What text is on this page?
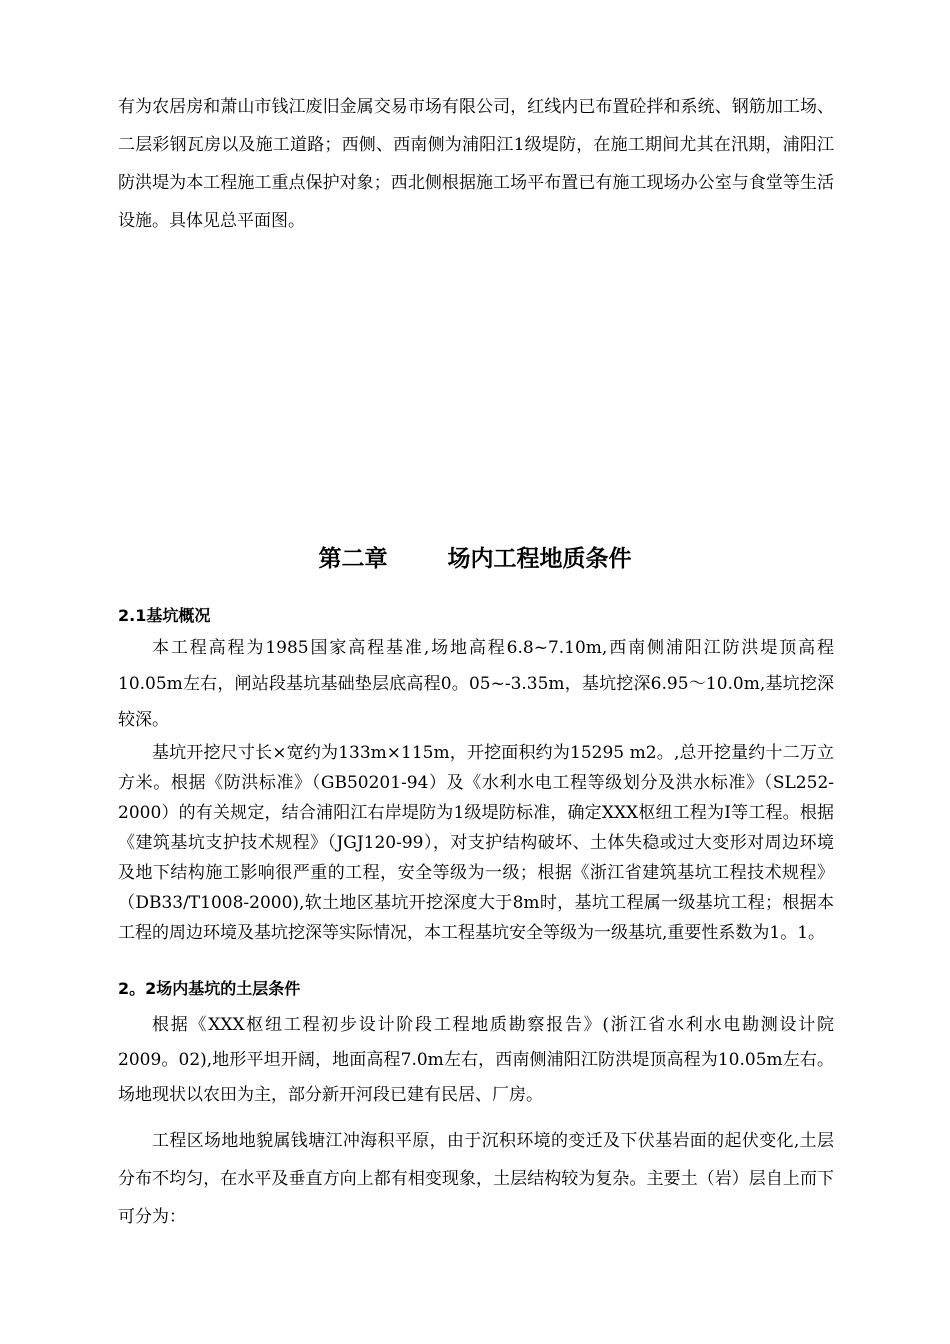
有为农居房和萧山市钱江废旧金属交易市场有限公司，红线内已布置砼拌和系统、钢筋加工场、二层彩钢瓦房以及施工道路；西侧、西南侧为浦阳江1级堤防，在施工期间尤其在汛期，浦阳江防洪堤为本工程施工重点保护对象；西北侧根据施工场平布置已有施工现场办公室与食堂等生活设施。具体见总平面图。

第二章	场内工程地质条件
2.1基坑概况

本工程高程为1985国家高程基准,场地高程6.8~7.10m,西南侧浦阳江防洪堤顶高程10.05m左右，闸站段基坑基础垫层底高程0。05~-3.35m，基坑挖深6.95～10.0m,基坑挖深较深。

基坑开挖尺寸长×宽约为133m×115m，开挖面积约为15295 m2。,总开挖量约十二万立方米。根据《防洪标准》（GB50201-94）及《水利水电工程等级划分及洪水标准》（SL252-2000）的有关规定，结合浦阳江右岸堤防为1级堤防标准，确定XXX枢纽工程为Ⅰ等工程。根据《建筑基坑支护技术规程》（JGJ120-99），对支护结构破坏、土体失稳或过大变形对周边环境及地下结构施工影响很严重的工程，安全等级为一级；根据《浙江省建筑基坑工程技术规程》（DB33/T1008-2000),软土地区基坑开挖深度大于8m时，基坑工程属一级基坑工程；根据本工程的周边环境及基坑挖深等实际情况，本工程基坑安全等级为一级基坑,重要性系数为1。1。

2。2场内基坑的土层条件

根据《XXX枢纽工程初步设计阶段工程地质勘察报告》(浙江省水利水电勘测设计院 2009。02),地形平坦开阔，地面高程7.0m左右，西南侧浦阳江防洪堤顶高程为10.05m左右。场地现状以农田为主，部分新开河段已建有民居、厂房。

工程区场地地貌属钱塘江冲海积平原，由于沉积环境的变迁及下伏基岩面的起伏变化,土层分布不均匀，在水平及垂直方向上都有相变现象，土层结构较为复杂。主要土（岩）层自上而下可分为：
